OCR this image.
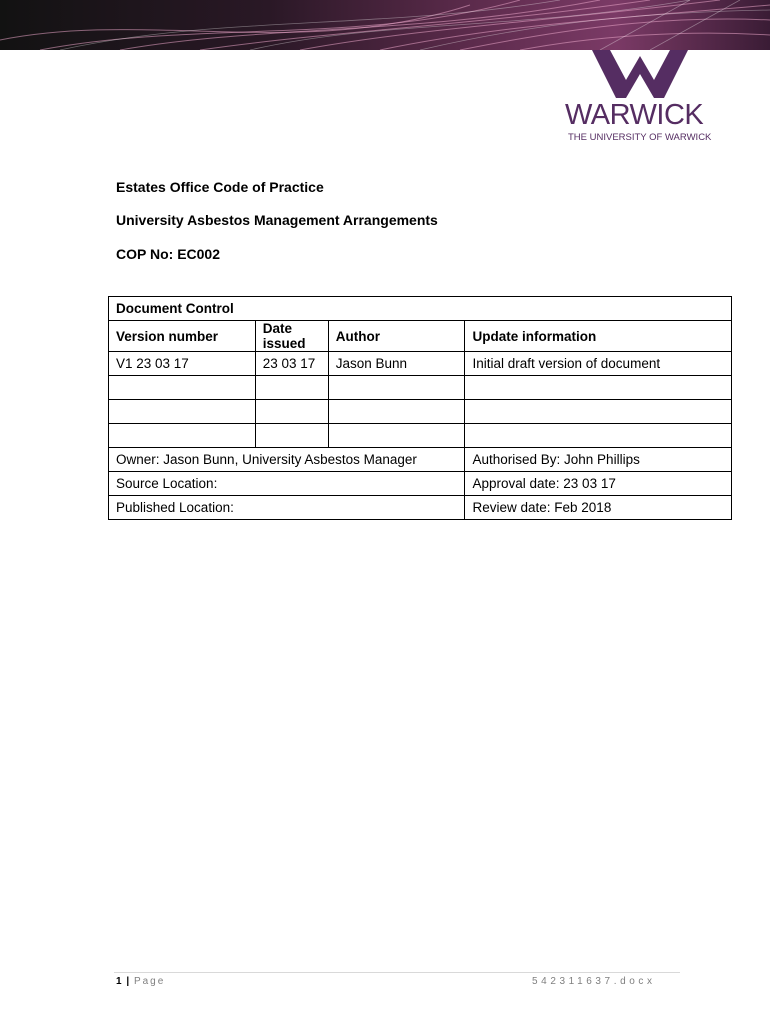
WARWICK
THE UNIVERSITY OF WARWICK
Estates Office Code of Practice
University Asbestos Management Arrangements
COP No: EC002
Document Control			
Version number	Date issued	Author	Update information
V1 23 03 17	23 03 17	Jason Bunn	Initial draft version of document

Owner: Jason Bunn, University Asbestos Manager			Authorised By: John Phillips
Source Location:			Approval date: 23 03 17
Published Location:			Review date: Feb 2018
1 | Page	542311637.docx
